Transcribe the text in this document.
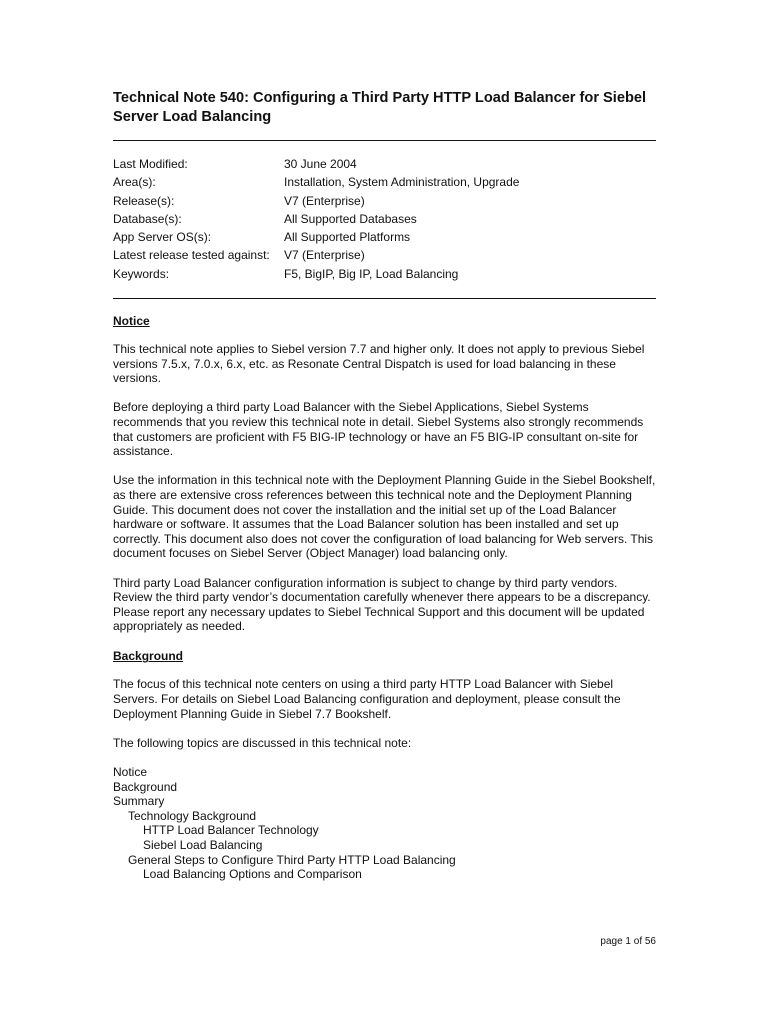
Technical Note 540: Configuring a Third Party HTTP Load Balancer for Siebel Server Load Balancing
Last Modified:	30 June 2004
Area(s):	Installation, System Administration, Upgrade
Release(s):	V7 (Enterprise)
Database(s):	All Supported Databases
App Server OS(s):	All Supported Platforms
Latest release tested against:	V7 (Enterprise)
Keywords:	F5, BigIP, Big IP, Load Balancing
Notice

This technical note applies to Siebel version 7.7 and higher only. It does not apply to previous Siebel versions 7.5.x, 7.0.x, 6.x, etc. as Resonate Central Dispatch is used for load balancing in these versions.

Before deploying a third party Load Balancer with the Siebel Applications, Siebel Systems recommends that you review this technical note in detail. Siebel Systems also strongly recommends that customers are proficient with F5 BIG-IP technology or have an F5 BIG-IP consultant on-site for assistance.

Use the information in this technical note with the Deployment Planning Guide in the Siebel Bookshelf, as there are extensive cross references between this technical note and the Deployment Planning Guide. This document does not cover the installation and the initial set up of the Load Balancer hardware or software. It assumes that the Load Balancer solution has been installed and set up correctly. This document also does not cover the configuration of load balancing for Web servers. This document focuses on Siebel Server (Object Manager) load balancing only.

Third party Load Balancer configuration information is subject to change by third party vendors. Review the third party vendor’s documentation carefully whenever there appears to be a discrepancy. Please report any necessary updates to Siebel Technical Support and this document will be updated appropriately as needed.

Background

The focus of this technical note centers on using a third party HTTP Load Balancer with Siebel Servers. For details on Siebel Load Balancing configuration and deployment, please consult the Deployment Planning Guide in Siebel 7.7 Bookshelf.

The following topics are discussed in this technical note:

Notice
Background
Summary
Technology Background
HTTP Load Balancer Technology
Siebel Load Balancing
General Steps to Configure Third Party HTTP Load Balancing
Load Balancing Options and Comparison
page 1 of 56
